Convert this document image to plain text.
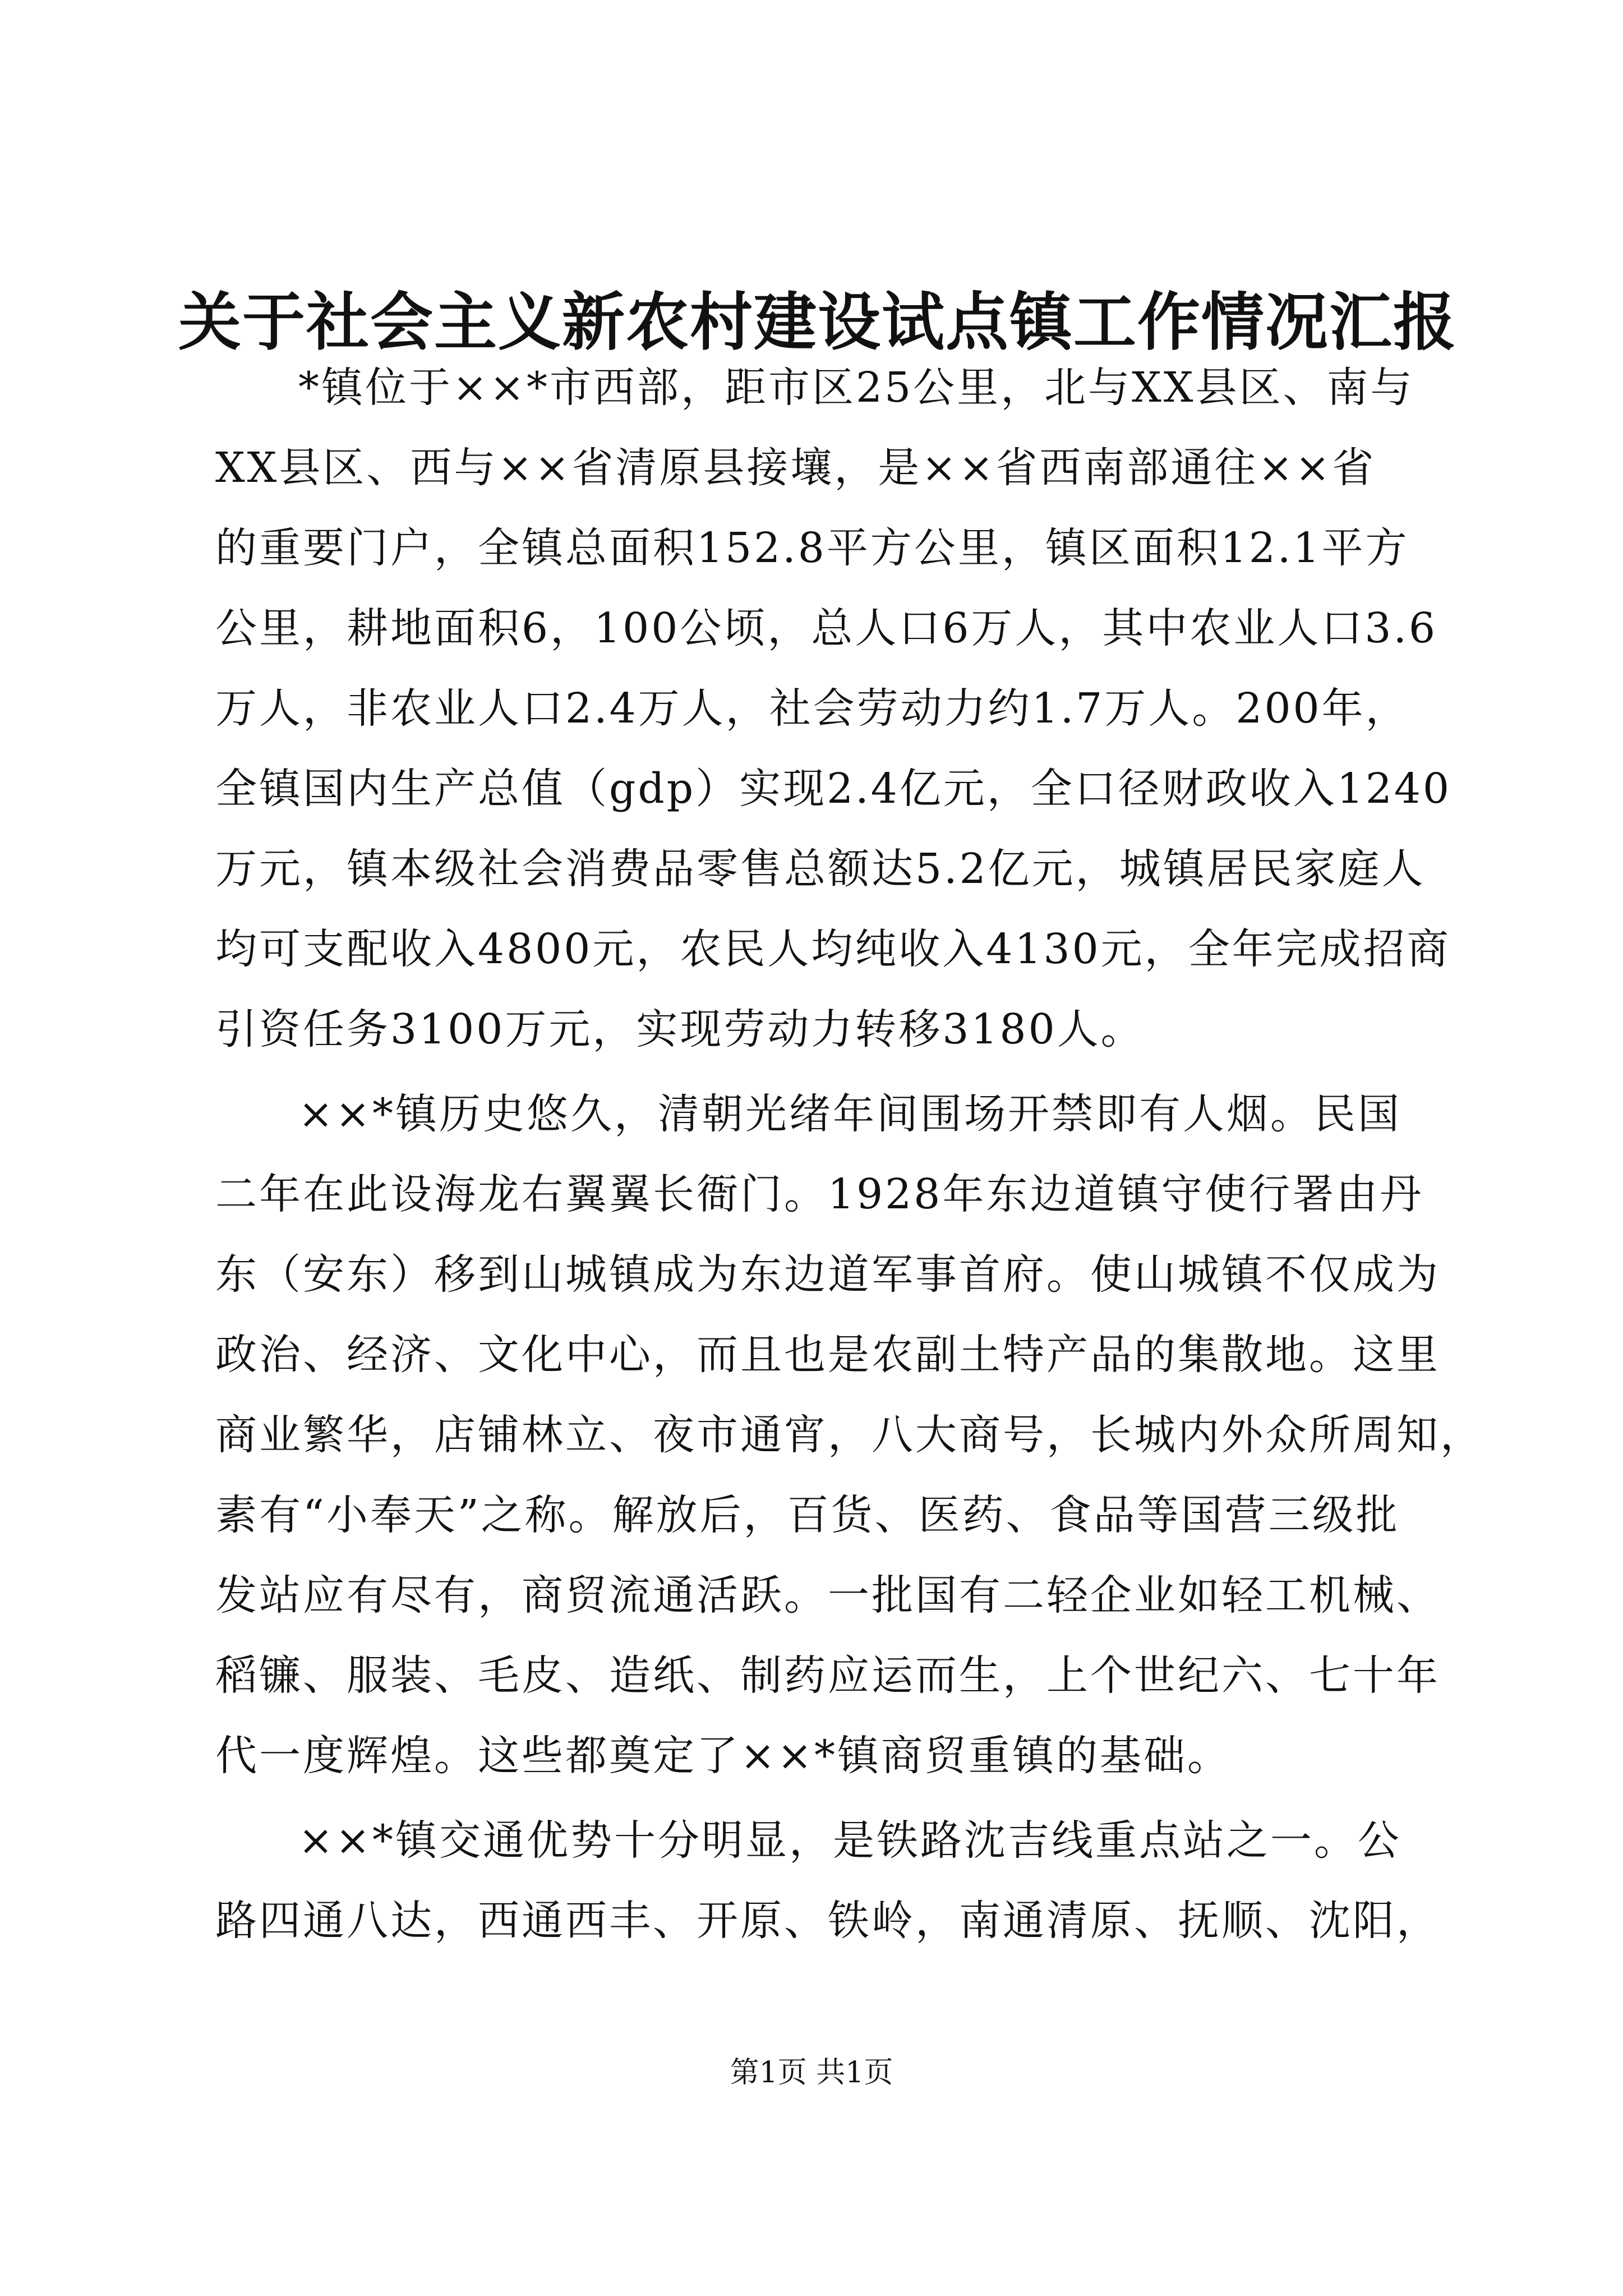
关于社会主义新农村建设试点镇工作情况汇报
*镇位于××*市西部，距市区25公里，北与XX县区、南与
XX县区、西与××省清原县接壤，是××省西南部通往××省
的重要门户，全镇总面积152.8平方公里，镇区面积12.1平方
公里，耕地面积6，100公顷，总人口6万人，其中农业人口3.6
万人，非农业人口2.4万人，社会劳动力约1.7万人。200年，
全镇国内生产总值（gdp）实现2.4亿元，全口径财政收入1240
万元，镇本级社会消费品零售总额达5.2亿元，城镇居民家庭人
均可支配收入4800元，农民人均纯收入4130元，全年完成招商
引资任务3100万元，实现劳动力转移3180人。
××*镇历史悠久，清朝光绪年间围场开禁即有人烟。民国
二年在此设海龙右翼翼长衙门。1928年东边道镇守使行署由丹
东（安东）移到山城镇成为东边道军事首府。使山城镇不仅成为
政治、经济、文化中心，而且也是农副土特产品的集散地。这里
商业繁华，店铺林立、夜市通宵，八大商号，长城内外众所周知，
素有“小奉天”之称。解放后，百货、医药、食品等国营三级批
发站应有尽有，商贸流通活跃。一批国有二轻企业如轻工机械、
稻镰、服装、毛皮、造纸、制药应运而生，上个世纪六、七十年
代一度辉煌。这些都奠定了××*镇商贸重镇的基础。
××*镇交通优势十分明显，是铁路沈吉线重点站之一。公
路四通八达，西通西丰、开原、铁岭，南通清原、抚顺、沈阳，
第1页 共1页
